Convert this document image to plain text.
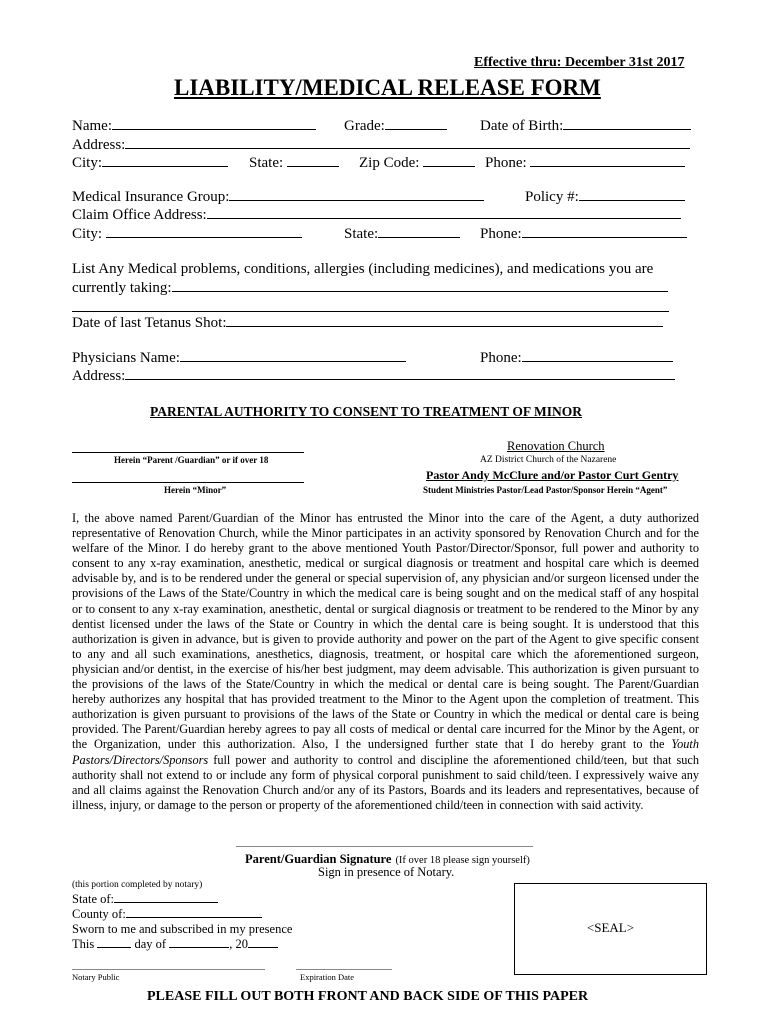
Effective thru: December 31st 2017
LIABILITY/MEDICAL RELEASE FORM
Name:	Grade:	Date of Birth:
Address:
City:	State:	Zip Code:	Phone:
Medical Insurance Group:	Policy #:
Claim Office Address:
City:	State:	Phone:
List Any Medical problems, conditions, allergies (including medicines), and medications you are
currently taking:
Date of last Tetanus Shot:
Physicians Name:	Phone:
Address:
PARENTAL AUTHORITY TO CONSENT TO TREATMENT OF MINOR
Herein “Parent /Guardian” or if over 18
Herein “Minor”
Renovation Church
AZ District Church of the Nazarene
Pastor Andy McClure and/or Pastor Curt Gentry
Student Ministries Pastor/Lead Pastor/Sponsor Herein “Agent”
I, the above named Parent/Guardian of the Minor has entrusted the Minor into the care of the Agent, a duty authorized representative of Renovation Church, while the Minor participates in an activity sponsored by Renovation Church and for the welfare of the Minor. I do hereby grant to the above mentioned Youth Pastor/Director/Sponsor, full power and authority to consent to any x-ray examination, anesthetic, medical or surgical diagnosis or treatment and hospital care which is deemed advisable by, and is to be rendered under the general or special supervision of, any physician and/or surgeon licensed under the provisions of the Laws of the State/Country in which the medical care is being sought and on the medical staff of any hospital or to consent to any x-ray examination, anesthetic, dental or surgical diagnosis or treatment to be rendered to the Minor by any dentist licensed under the laws of the State or Country in which the dental care is being sought. It is understood that this authorization is given in advance, but is given to provide authority and power on the part of the Agent to give specific consent to any and all such examinations, anesthetics, diagnosis, treatment, or hospital care which the aforementioned surgeon, physician and/or dentist, in the exercise of his/her best judgment, may deem advisable. This authorization is given pursuant to the provisions of the laws of the State/Country in which the medical or dental care is being sought. The Parent/Guardian hereby authorizes any hospital that has provided treatment to the Minor to the Agent upon the completion of treatment. This authorization is given pursuant to provisions of the laws of the State or Country in which the medical or dental care is being provided. The Parent/Guardian hereby agrees to pay all costs of medical or dental care incurred for the Minor by the Agent, or the Organization, under this authorization. Also, I the undersigned further state that I do hereby grant to the Youth Pastors/Directors/Sponsors full power and authority to control and discipline the aforementioned child/teen, but that such authority shall not extend to or include any form of physical corporal punishment to said child/teen. I expressively waive any and all claims against the Renovation Church and/or any of its Pastors, Boards and its leaders and representatives, because of illness, injury, or damage to the person or property of the aforementioned child/teen in connection with said activity.
Parent/Guardian Signature (If over 18 please sign yourself)
Sign in presence of Notary.
(this portion completed by notary)
State of:
County of:
Sworn to me and subscribed in my presence
This	day of	, 20
Notary Public	Expiration Date
<SEAL>
PLEASE FILL OUT BOTH FRONT AND BACK SIDE OF THIS PAPER
